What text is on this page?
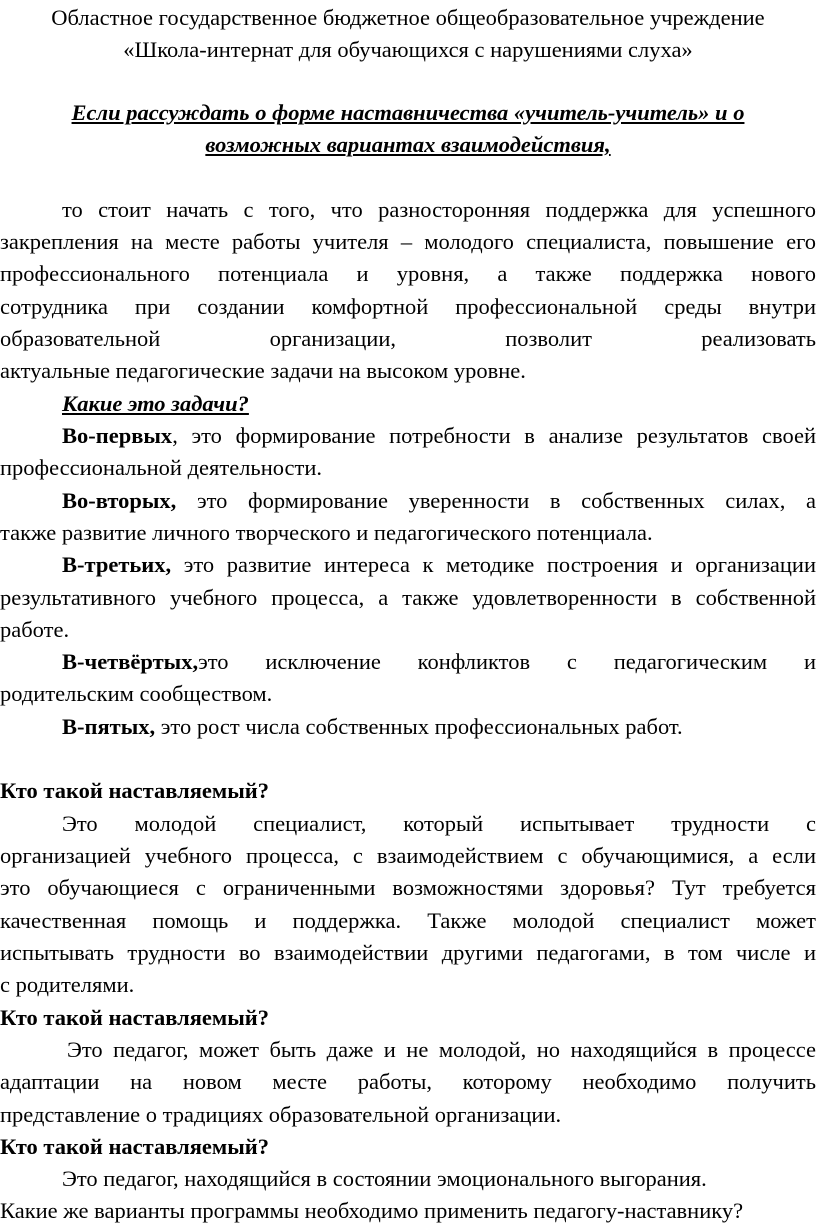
Областное государственное бюджетное общеобразовательное учреждение
«Школа-интернат для обучающихся с нарушениями слуха»
Если рассуждать о форме наставничества «учитель-учитель» и о
возможных вариантах взаимодействия,
то стоит начать с того, что разносторонняя поддержка для успешного
закрепления на месте работы учителя – молодого специалиста, повышение его
профессионального потенциала и уровня, а также поддержка нового
сотрудника при создании комфортной профессиональной среды внутри
образовательной организации, позволит реализовать
актуальные педагогические задачи на высоком уровне.
Какие это задачи?
Во-первых, это формирование потребности в анализе результатов своей
профессиональной деятельности.
Во-вторых, это формирование уверенности в собственных силах, а
также развитие личного творческого и педагогического потенциала.
В-третьих, это развитие интереса к методике построения и организации
результативного учебного процесса, а также удовлетворенности в собственной
работе.
В-четвёртых,это исключение конфликтов с педагогическим и
родительским сообществом.
В-пятых, это рост числа собственных профессиональных работ.
Кто такой наставляемый?
Это молодой специалист, который испытывает трудности с
организацией учебного процесса, с взаимодействием с обучающимися, а если
это обучающиеся с ограниченными возможностями здоровья? Тут требуется
качественная помощь и поддержка. Также молодой специалист может
испытывать трудности во взаимодействии другими педагогами, в том числе и
с родителями.
Кто такой наставляемый?
Это педагог, может быть даже и не молодой, но находящийся в процессе
адаптации на новом месте работы, которому необходимо получить
представление о традициях образовательной организации.
Кто такой наставляемый?
Это педагог, находящийся в состоянии эмоционального выгорания.
Какие же варианты программы необходимо применить педагогу-наставнику?
